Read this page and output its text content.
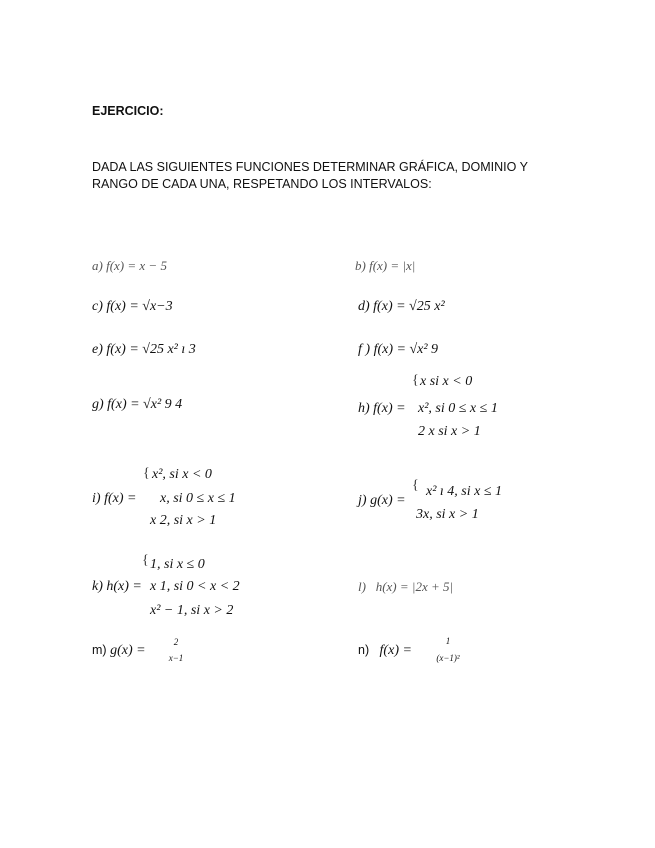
EJERCICIO:
DADA LAS SIGUIENTES FUNCIONES DETERMINAR GRÁFICA, DOMINIO Y
RANGO DE CADA UNA, RESPETANDO LOS INTERVALOS:
a) f(x) = x − 5	b) f(x) = |x|
c) f(x) = √x−3	d) f(x) = √25 x²
e) f(x) = √25 x² ı 3	f ) f(x) = √x² 9
g) f(x) = √x² 9 4	h) f(x) =
{ x si x < 0
x², si 0 ≤ x ≤ 1
2 x si x > 1
i) f(x) =
{ x², si x < 0
x, si 0 ≤ x ≤ 1
x 2, si x > 1
j) g(x) =
{ x² ı 4, si x ≤ 1
3x, si x > 1
k) h(x) =
{ 1, si x ≤ 0
x 1, si 0 < x < 2
x² − 1, si x > 2
l) h(x) = |2x + 5|
m) g(x) =
2
x−1
n) f(x) =
1
(x−1)²
